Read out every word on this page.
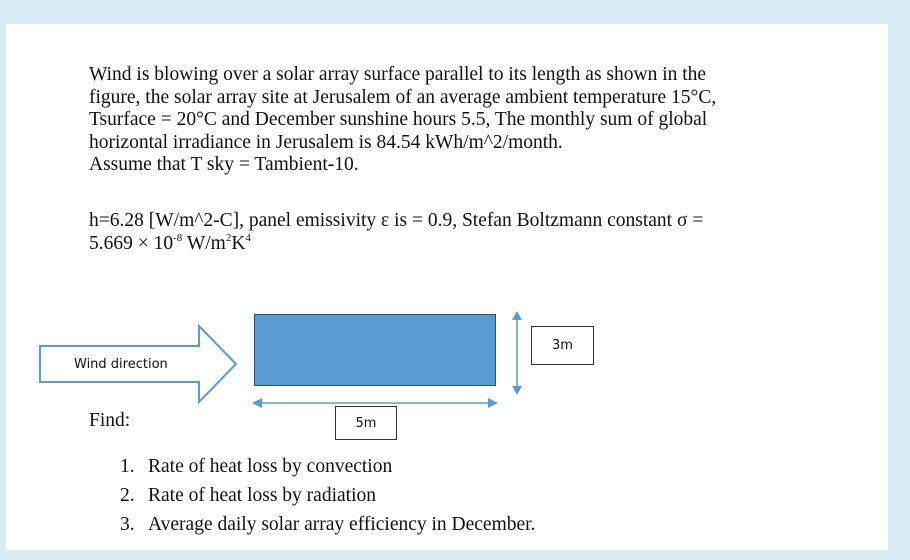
Wind is blowing over a solar array surface parallel to its length as shown in the
figure, the solar array site at Jerusalem of an average ambient temperature 15°C,
Tsurface = 20°C and December sunshine hours 5.5, The monthly sum of global
horizontal irradiance in Jerusalem is 84.54 kWh/m^2/month.
Assume that T sky = Tambient-10.
h=6.28 [W/m^2-C], panel emissivity ε is = 0.9, Stefan Boltzmann constant σ =
$5.669 \times 10^{-8}$ $W/m^2K^4$
Wind direction
3m
5m
Find:
1. Rate of heat loss by convection
2. Rate of heat loss by radiation
3. Average daily solar array efficiency in December.
